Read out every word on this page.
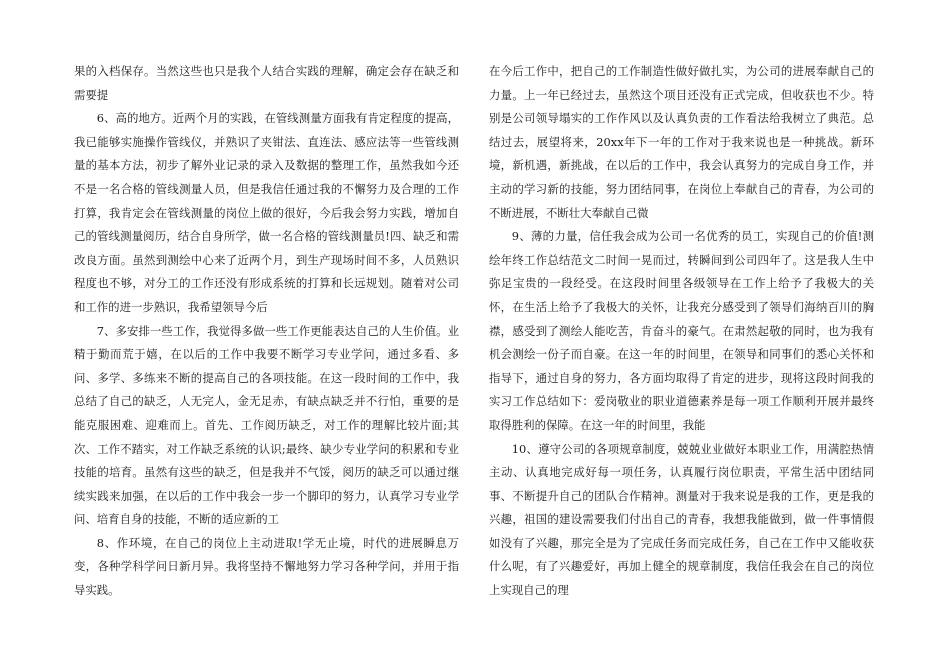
果的入档保存。当然这些也只是我个人结合实践的理解，确定会存在缺乏和需要提

6、高的地方。近两个月的实践，在管线测量方面我有肯定程度的提高，我已能够实施操作管线仪，并熟识了夹钳法、直连法、感应法等一些管线测量的基本方法，初步了解外业记录的录入及数据的整理工作，虽然我如今还不是一名合格的管线测量人员，但是我信任通过我的不懈努力及合理的工作打算，我肯定会在管线测量的岗位上做的很好，今后我会努力实践，增加自己的管线测量阅历，结合自身所学，做一名合格的管线测量员!四、缺乏和需改良方面。虽然到测绘中心来了近两个月，到生产现场时间不多，人员熟识程度也不够，对分工的工作还没有形成系统的打算和长远规划。随着对公司和工作的进一步熟识，我希望领导今后

7、多安排一些工作，我觉得多做一些工作更能表达自己的人生价值。业精于勤而荒于嬉，在以后的工作中我要不断学习专业学问，通过多看、多问、多学、多练来不断的提高自己的各项技能。在这一段时间的工作中，我总结了自己的缺乏，人无完人，金无足赤，有缺点缺乏并不行怕，重要的是能克服困难、迎难而上。首先、工作阅历缺乏，对工作的理解比较片面;其次、工作不踏实，对工作缺乏系统的认识;最终、缺少专业学问的积累和专业技能的培育。虽然有这些的缺乏，但是我并不气馁，阅历的缺乏可以通过继续实践来加强，在以后的工作中我会一步一个脚印的努力，认真学习专业学问、培育自身的技能，不断的适应新的工

8、作环境，在自己的岗位上主动进取!学无止境，时代的进展瞬息万变，各种学科学问日新月异。我将坚持不懈地努力学习各种学问，并用于指导实践。

在今后工作中，把自己的工作制造性做好做扎实，为公司的进展奉献自己的力量。上一年已经过去，虽然这个项目还没有正式完成，但收获也不少。特别是公司领导塌实的工作作风以及认真负责的工作看法给我树立了典范。总结过去，展望将来，20xx年下一年的工作对于我来说也是一种挑战。新环境，新机遇，新挑战，在以后的工作中，我会认真努力的完成自身工作，并主动的学习新的技能，努力团结同事，在岗位上奉献自己的青春，为公司的不断进展，不断壮大奉献自己微

9、薄的力量，信任我会成为公司一名优秀的员工，实现自己的价值!测绘年终工作总结范文二时间一晃而过，转瞬间到公司四年了。这是我人生中弥足宝贵的一段经受。在这段时间里各级领导在工作上给予了我极大的关怀，在生活上给予了我极大的关怀，让我充分感受到了领导们海纳百川的胸襟，感受到了测绘人能吃苦，肯奋斗的豪气。在肃然起敬的同时，也为我有机会测绘一份子而自豪。在这一年的时间里，在领导和同事们的悉心关怀和指导下，通过自身的努力，各方面均取得了肯定的进步，现将这段时间我的实习工作总结如下：爱岗敬业的职业道德素养是每一项工作顺利开展并最终取得胜利的保障。在这一年的时间里，我能

10、遵守公司的各项规章制度，兢兢业业做好本职业工作，用满腔热情主动、认真地完成好每一项任务，认真履行岗位职责，平常生活中团结同事、不断提升自己的团队合作精神。测量对于我来说是我的工作，更是我的兴趣，祖国的建设需要我们付出自己的青春，我想我能做到，做一件事情假如没有了兴趣，那完全是为了完成任务而完成任务，自己在工作中又能收获什么呢，有了兴趣爱好，再加上健全的规章制度，我信任我会在自己的岗位上实现自己的理
